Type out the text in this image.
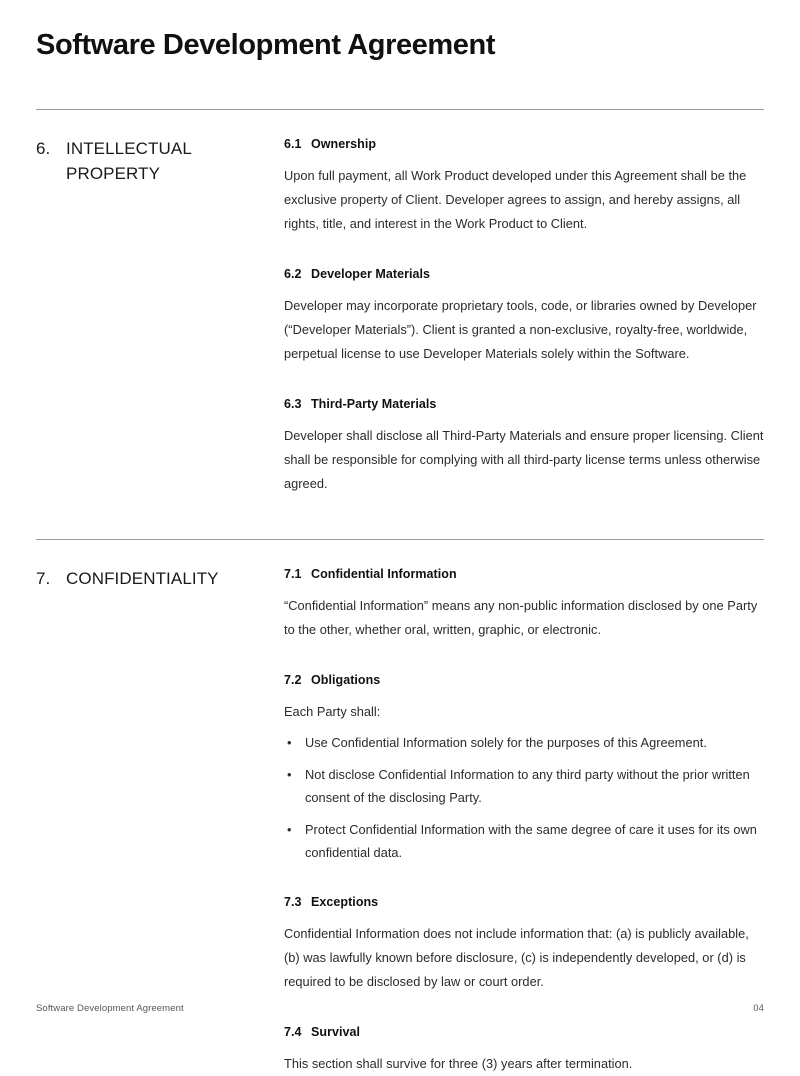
Software Development Agreement
6. INTELLECTUAL PROPERTY
6.1 Ownership

Upon full payment, all Work Product developed under this Agreement shall be the exclusive property of Client. Developer agrees to assign, and hereby assigns, all rights, title, and interest in the Work Product to Client.

6.2 Developer Materials

Developer may incorporate proprietary tools, code, or libraries owned by Developer (“Developer Materials”). Client is granted a non-exclusive, royalty-free, worldwide, perpetual license to use Developer Materials solely within the Software.

6.3 Third-Party Materials

Developer shall disclose all Third-Party Materials and ensure proper licensing. Client shall be responsible for complying with all third-party license terms unless otherwise agreed.

7. CONFIDENTIALITY	7.1 Confidential Information

“Confidential Information” means any non-public information disclosed by one Party to the other, whether oral, written, graphic, or electronic.

7.2 Obligations

Each Party shall:

• Use Confidential Information solely for the purposes of this Agreement.
• Not disclose Confidential Information to any third party without the prior written consent of the disclosing Party.
• Protect Confidential Information with the same degree of care it uses for its own confidential data.
7.3 Exceptions

Confidential Information does not include information that: (a) is publicly available, (b) was lawfully known before disclosure, (c) is independently developed, or (d) is required to be disclosed by law or court order.

7.4 Survival

This section shall survive for three (3) years after termination.

Software Development Agreement	04
